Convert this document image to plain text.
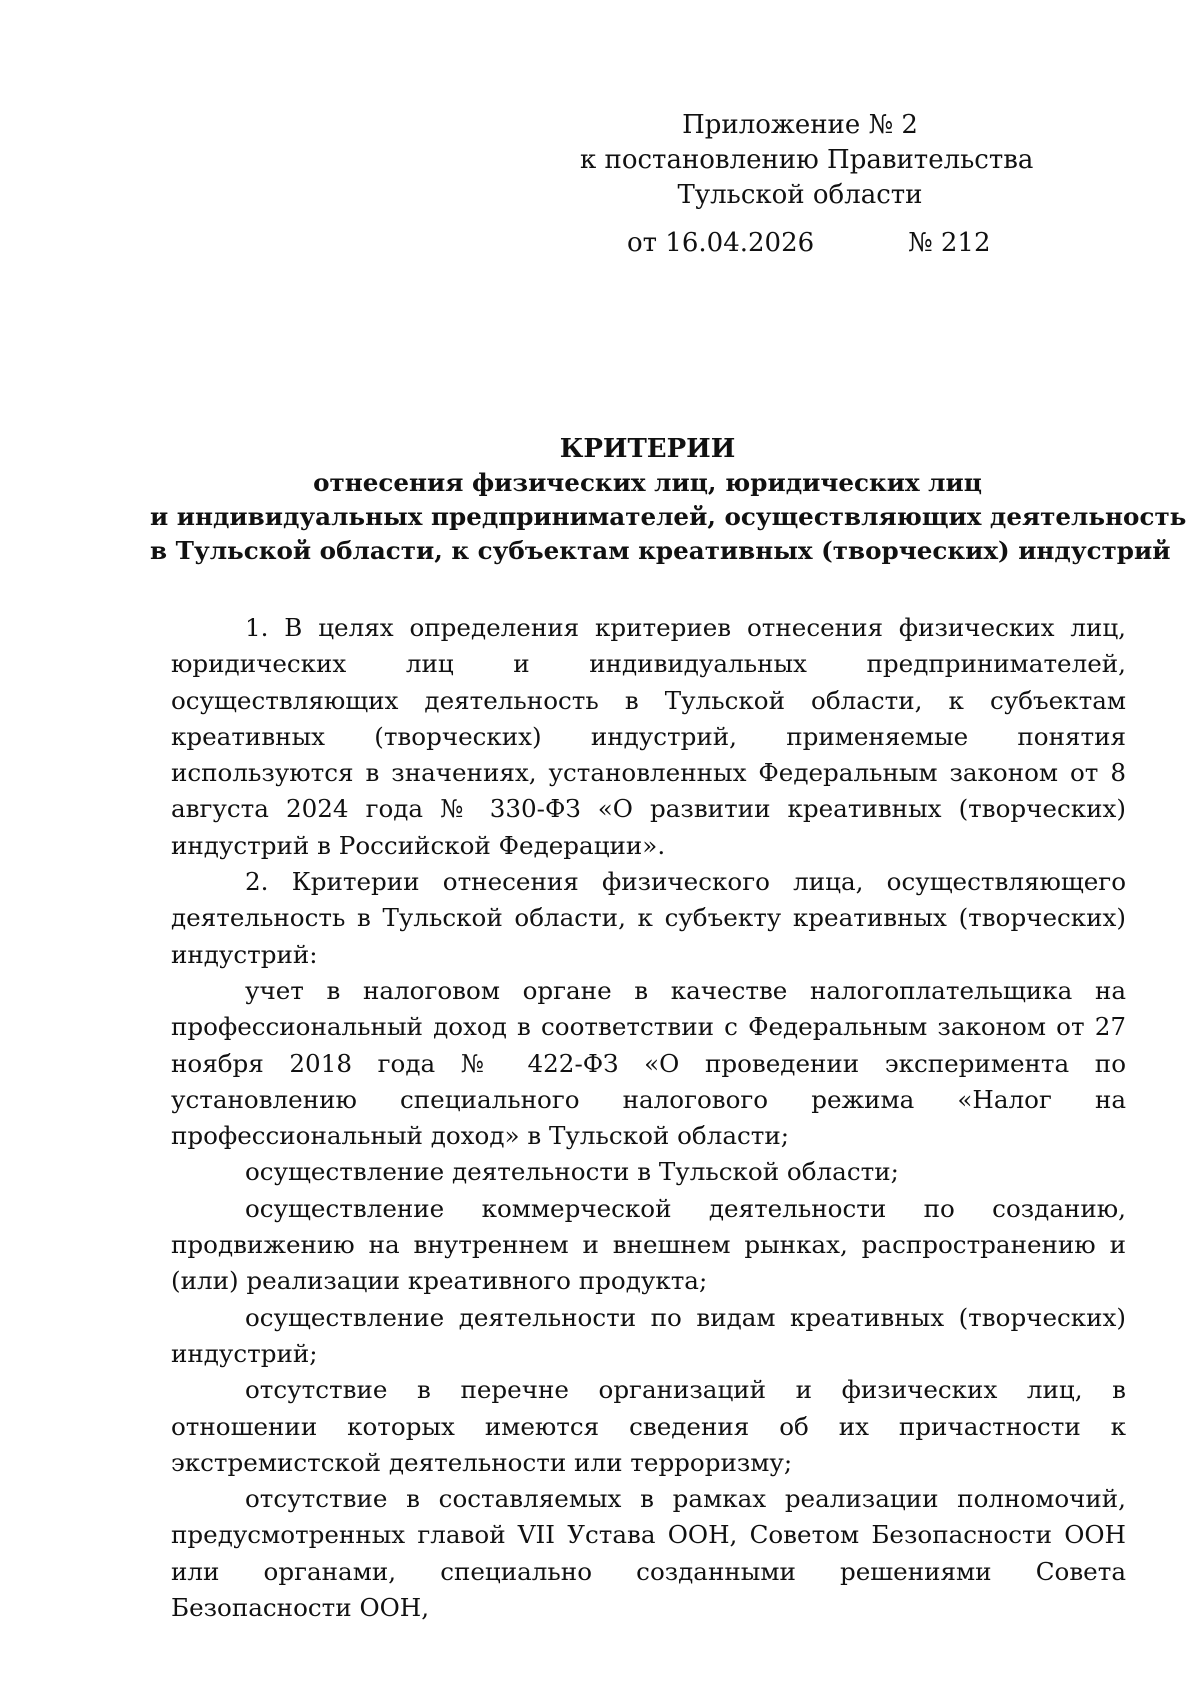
Приложение № 2
к постановлению Правительства
Тульской области
от 16.04.2026	№ 212
КРИТЕРИИ
отнесения физических лиц, юридических лиц
и индивидуальных предпринимателей, осуществляющих деятельность
в Тульской области, к субъектам креативных (творческих) индустрий

1. В целях определения критериев отнесения физических лиц, юридических лиц и индивидуальных предпринимателей, осуществляющих деятельность в Тульской области, к субъектам креативных (творческих) индустрий, применяемые понятия используются в значениях, установленных Федеральным законом от 8 августа 2024 года № 330-ФЗ «О развитии креативных (творческих) индустрий в Российской Федерации».

2. Критерии отнесения физического лица, осуществляющего деятельность в Тульской области, к субъекту креативных (творческих) индустрий:

учет в налоговом органе в качестве налогоплательщика на профессиональный доход в соответствии с Федеральным законом от 27 ноября 2018 года № 422-ФЗ «О проведении эксперимента по установлению специального налогового режима «Налог на профессиональный доход» в Тульской области;

осуществление деятельности в Тульской области;

осуществление коммерческой деятельности по созданию, продвижению на внутреннем и внешнем рынках, распространению и (или) реализации креативного продукта;

осуществление деятельности по видам креативных (творческих) индустрий;

отсутствие в перечне организаций и физических лиц, в отношении которых имеются сведения об их причастности к экстремистской деятельности или терроризму;

отсутствие в составляемых в рамках реализации полномочий, предусмотренных главой VII Устава ООН, Советом Безопасности ООН или органами, специально созданными решениями Совета Безопасности ООН,
